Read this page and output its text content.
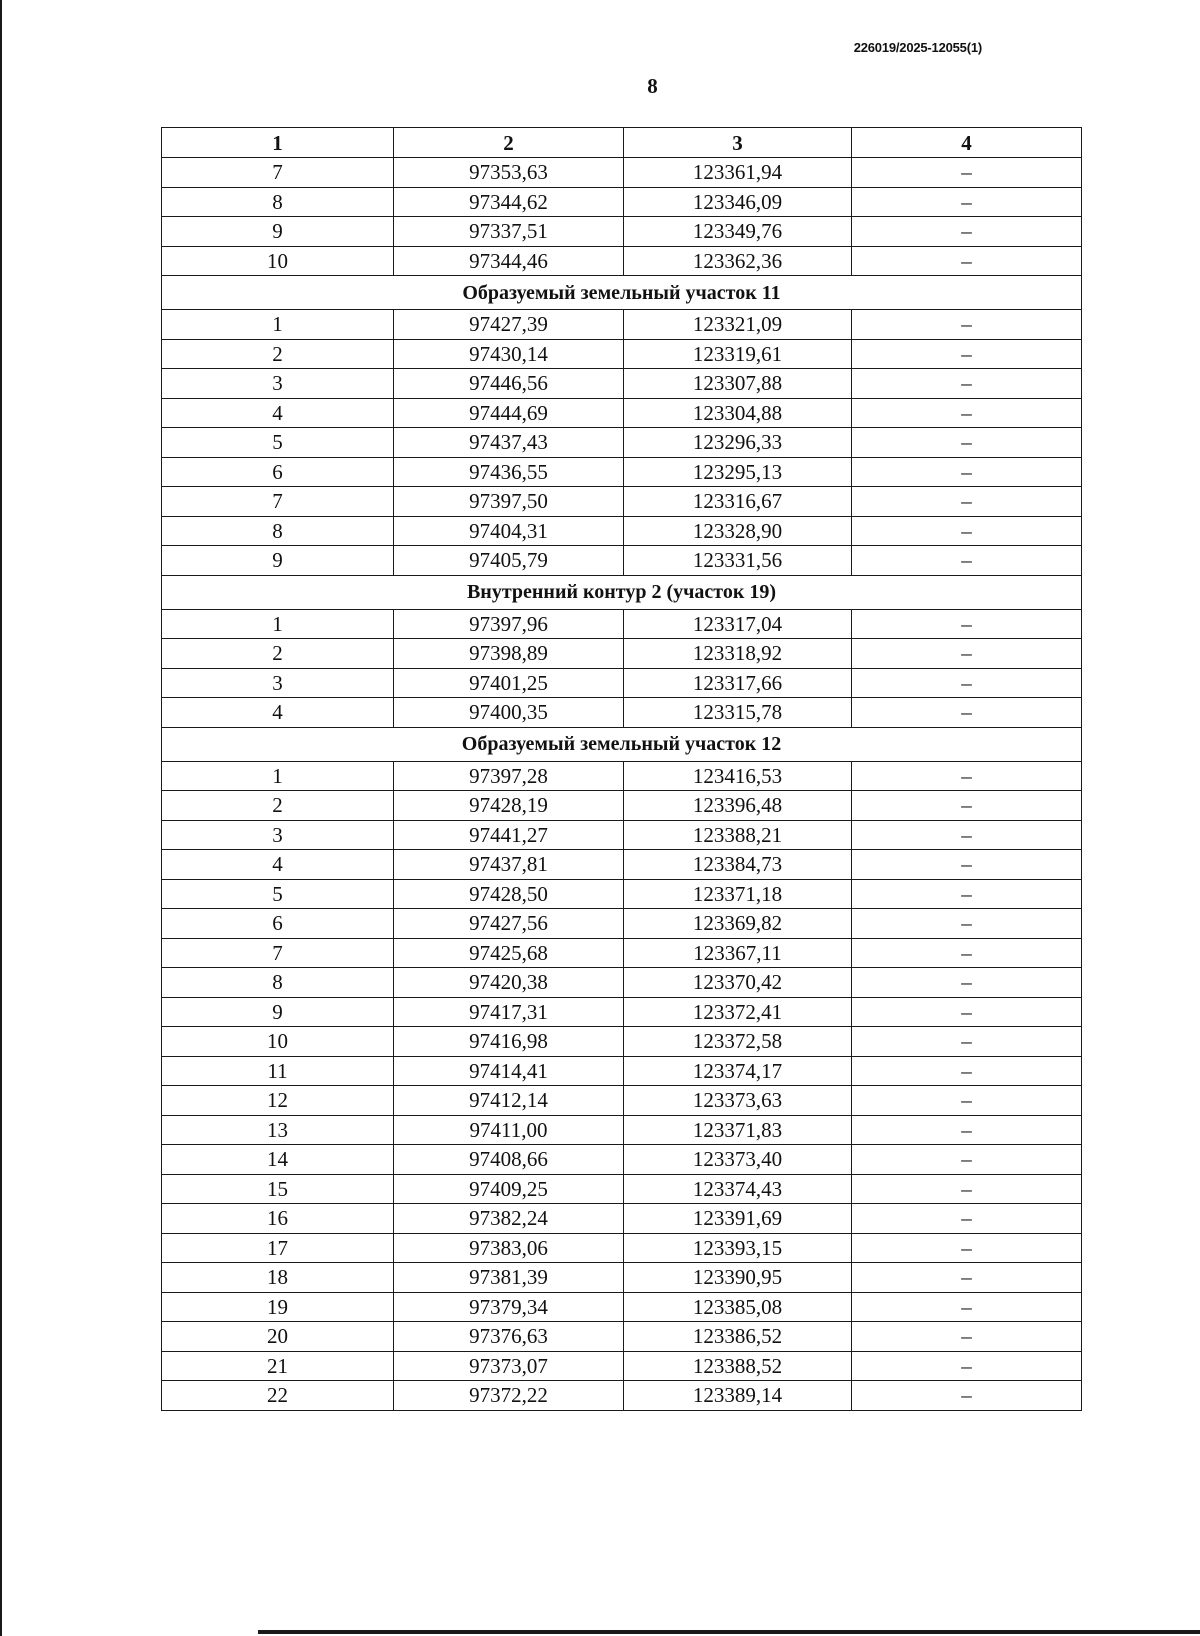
226019/2025-12055(1)
8
1	2	3	4
7	97353,63	123361,94	–
8	97344,62	123346,09	–
9	97337,51	123349,76	–
10	97344,46	123362,36	–
Образуемый земельный участок 11			
1	97427,39	123321,09	–
2	97430,14	123319,61	–
3	97446,56	123307,88	–
4	97444,69	123304,88	–
5	97437,43	123296,33	–
6	97436,55	123295,13	–
7	97397,50	123316,67	–
8	97404,31	123328,90	–
9	97405,79	123331,56	–
Внутренний контур 2 (участок 19)			
1	97397,96	123317,04	–
2	97398,89	123318,92	–
3	97401,25	123317,66	–
4	97400,35	123315,78	–
Образуемый земельный участок 12			
1	97397,28	123416,53	–
2	97428,19	123396,48	–
3	97441,27	123388,21	–
4	97437,81	123384,73	–
5	97428,50	123371,18	–
6	97427,56	123369,82	–
7	97425,68	123367,11	–
8	97420,38	123370,42	–
9	97417,31	123372,41	–
10	97416,98	123372,58	–
11	97414,41	123374,17	–
12	97412,14	123373,63	–
13	97411,00	123371,83	–
14	97408,66	123373,40	–
15	97409,25	123374,43	–
16	97382,24	123391,69	–
17	97383,06	123393,15	–
18	97381,39	123390,95	–
19	97379,34	123385,08	–
20	97376,63	123386,52	–
21	97373,07	123388,52	–
22	97372,22	123389,14	–
